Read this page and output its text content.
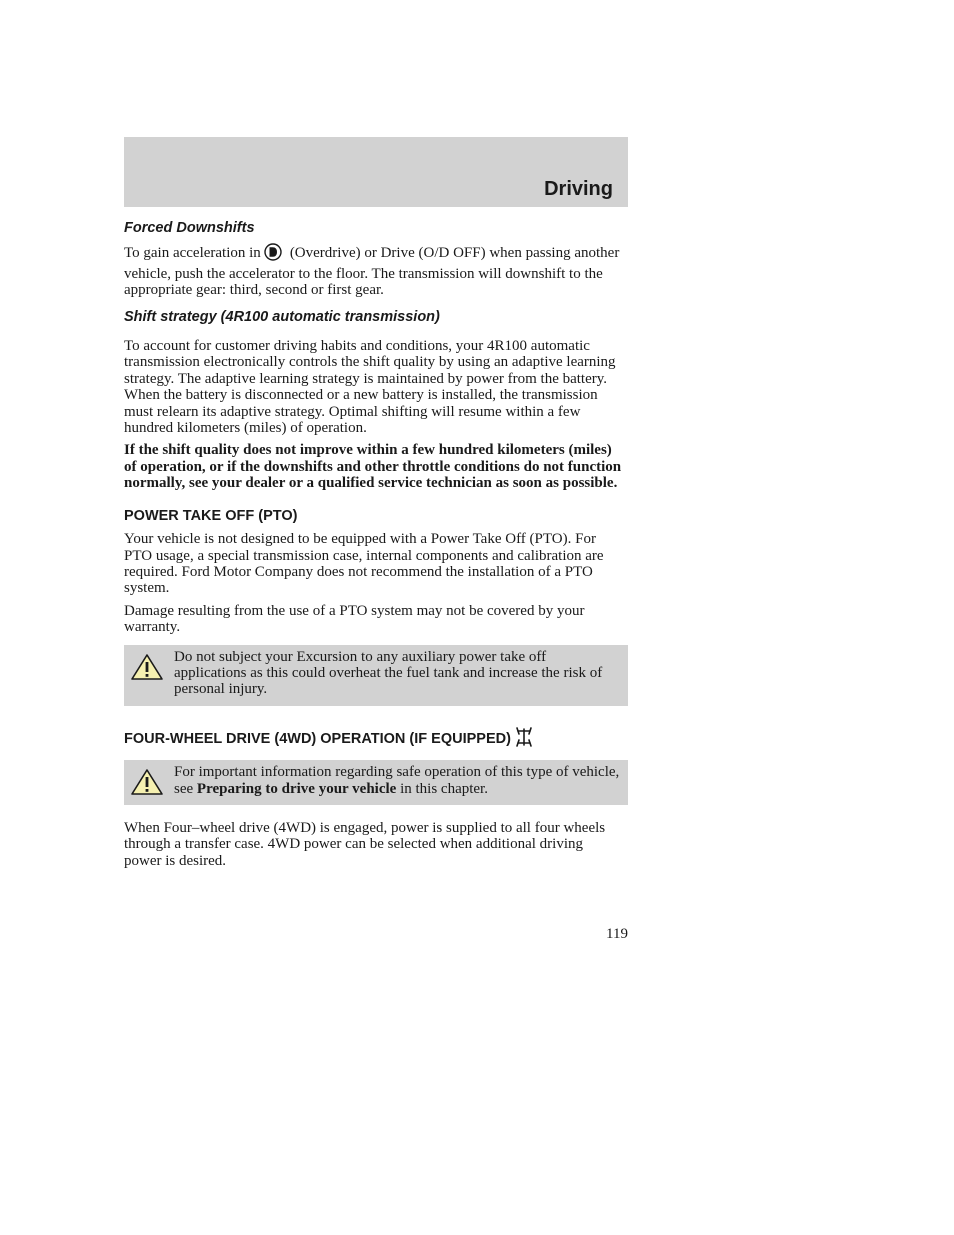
Driving
Forced Downshifts

To gain acceleration in (Overdrive) or Drive (O/D OFF) when passing another vehicle, push the accelerator to the floor. The transmission will downshift to the appropriate gear: third, second or first gear.

Shift strategy (4R100 automatic transmission)

To account for customer driving habits and conditions, your 4R100 automatic transmission electronically controls the shift quality by using an adaptive learning strategy. The adaptive learning strategy is maintained by power from the battery. When the battery is disconnected or a new battery is installed, the transmission must relearn its adaptive strategy. Optimal shifting will resume within a few hundred kilometers (miles) of operation.

If the shift quality does not improve within a few hundred kilometers (miles) of operation, or if the downshifts and other throttle conditions do not function normally, see your dealer or a qualified service technician as soon as possible.

POWER TAKE OFF (PTO)

Your vehicle is not designed to be equipped with a Power Take Off (PTO). For PTO usage, a special transmission case, internal components and calibration are required. Ford Motor Company does not recommend the installation of a PTO system.

Damage resulting from the use of a PTO system may not be covered by your warranty.

Do not subject your Excursion to any auxiliary power take off applications as this could overheat the fuel tank and increase the risk of personal injury.
FOUR-WHEEL DRIVE (4WD) OPERATION (IF EQUIPPED)
For important information regarding safe operation of this type of vehicle, see Preparing to drive your vehicle in this chapter.

When Four–wheel drive (4WD) is engaged, power is supplied to all four wheels through a transfer case. 4WD power can be selected when additional driving power is desired.

119
